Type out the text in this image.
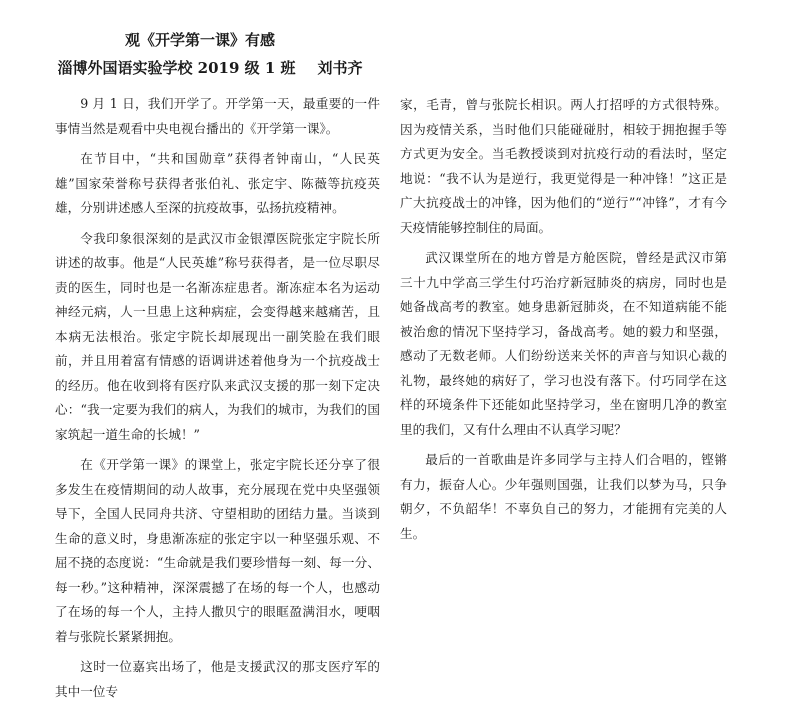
观《开学第一课》有感
淄博外国语实验学校 2019 级 1 班 刘书齐

9 月 1 日，我们开学了。开学第一天，最重要的一件事情当然是观看中央电视台播出的《开学第一课》。

在节目中，“共和国勋章”获得者钟南山，“人民英雄”国家荣誉称号获得者张伯礼、张定宇、陈薇等抗疫英雄，分别讲述感人至深的抗疫故事，弘扬抗疫精神。

令我印象很深刻的是武汉市金银潭医院张定宇院长所讲述的故事。他是“人民英雄”称号获得者，是一位尽职尽责的医生，同时也是一名渐冻症患者。渐冻症本名为运动神经元病，人一旦患上这种病症，会变得越来越痛苦，且本病无法根治。张定宇院长却展现出一副笑脸在我们眼前，并且用着富有情感的语调讲述着他身为一个抗疫战士的经历。他在收到将有医疗队来武汉支援的那一刻下定决心：“我一定要为我们的病人，为我们的城市，为我们的国家筑起一道生命的长城！”

在《开学第一课》的课堂上，张定宇院长还分享了很多发生在疫情期间的动人故事，充分展现在党中央坚强领导下，全国人民同舟共济、守望相助的团结力量。当谈到生命的意义时，身患渐冻症的张定宇以一种坚强乐观、不屈不挠的态度说：“生命就是我们要珍惜每一刻、每一分、每一秒。”这种精神，深深震撼了在场的每一个人，也感动了在场的每一个人，主持人撒贝宁的眼眶盈满泪水，哽咽着与张院长紧紧拥抱。

这时一位嘉宾出场了，他是支援武汉的那支医疗军的其中一位专

家，毛青，曾与张院长相识。两人打招呼的方式很特殊。因为疫情关系，当时他们只能碰碰肘，相较于拥抱握手等方式更为安全。当毛教授谈到对抗疫行动的看法时，坚定地说：“我不认为是逆行，我更觉得是一种冲锋！”这正是广大抗疫战士的冲锋，因为他们的“逆行”“冲锋”，才有今天疫情能够控制住的局面。

武汉课堂所在的地方曾是方舱医院，曾经是武汉市第三十九中学高三学生付巧治疗新冠肺炎的病房，同时也是她备战高考的教室。她身患新冠肺炎，在不知道病能不能被治愈的情况下坚持学习，备战高考。她的毅力和坚强，感动了无数老师。人们纷纷送来关怀的声音与知识心裁的礼物，最终她的病好了，学习也没有落下。付巧同学在这样的环境条件下还能如此坚持学习，坐在窗明几净的教室里的我们，又有什么理由不认真学习呢？

最后的一首歌曲是许多同学与主持人们合唱的，铿锵有力，振奋人心。少年强则国强，让我们以梦为马，只争朝夕，不负韶华！不辜负自己的努力，才能拥有完美的人生。
